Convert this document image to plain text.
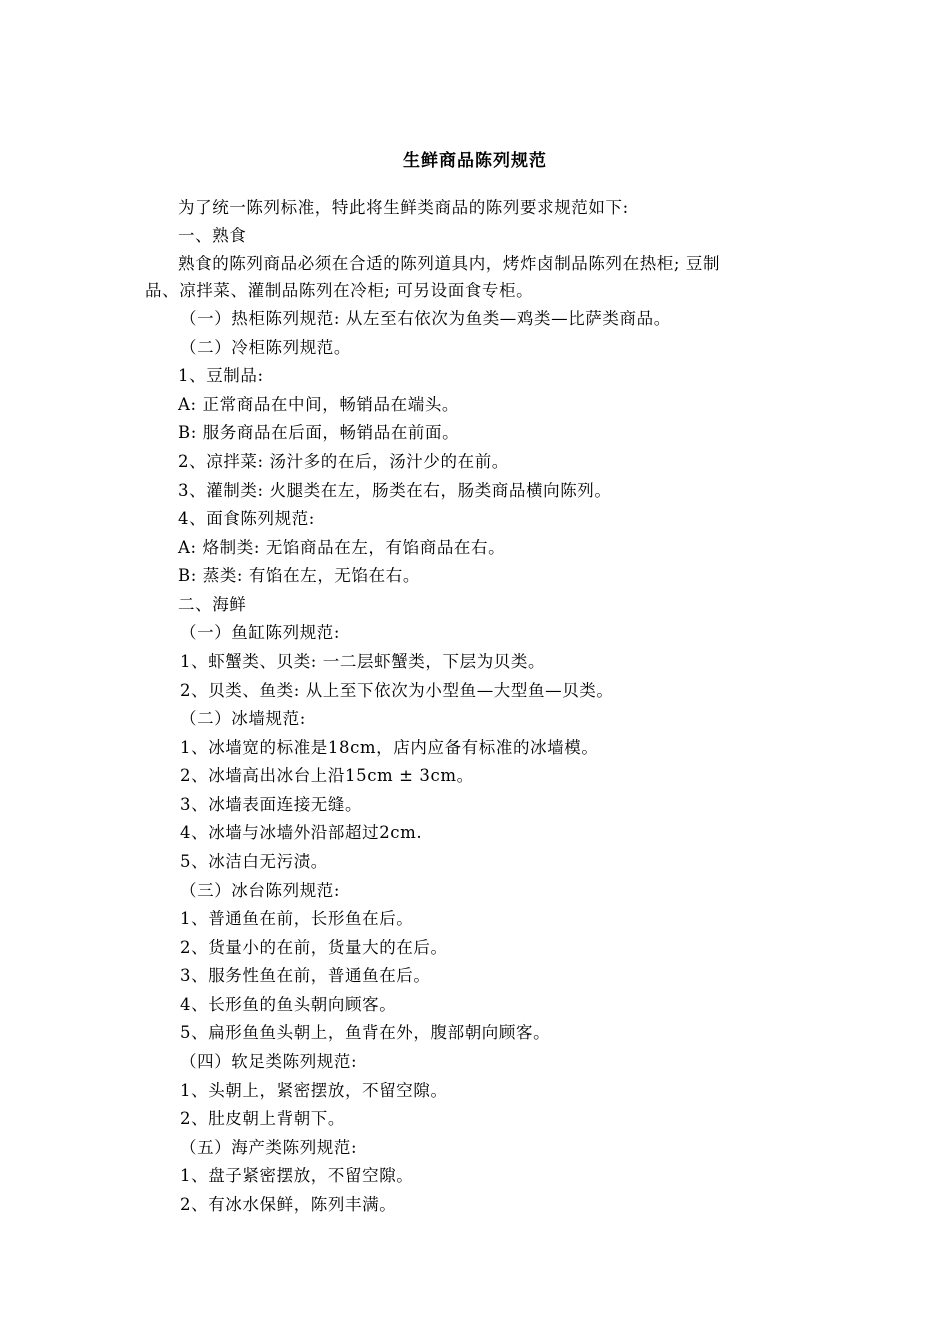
生鲜商品陈列规范
为了统一陈列标准，特此将生鲜类商品的陈列要求规范如下:
一、熟食
熟食的陈列商品必须在合适的陈列道具内，烤炸卤制品陈列在热柜; 豆制
品、凉拌菜、灌制品陈列在冷柜; 可另设面食专柜。
（一）热柜陈列规范: 从左至右依次为鱼类—鸡类—比萨类商品。
（二）冷柜陈列规范。
1、豆制品:
A: 正常商品在中间，畅销品在端头。
B: 服务商品在后面，畅销品在前面。
2、凉拌菜: 汤汁多的在后，汤汁少的在前。
3、灌制类: 火腿类在左，肠类在右，肠类商品横向陈列。
4、面食陈列规范:
A: 烙制类: 无馅商品在左，有馅商品在右。
B: 蒸类: 有馅在左，无馅在右。
二、海鲜
（一）鱼缸陈列规范:
1、虾蟹类、贝类: 一二层虾蟹类，下层为贝类。
2、贝类、鱼类: 从上至下依次为小型鱼—大型鱼—贝类。
（二）冰墙规范:
1、冰墙宽的标准是18cm，店内应备有标准的冰墙模。
2、冰墙高出冰台上沿15cm ± 3cm。
3、冰墙表面连接无缝。
4、冰墙与冰墙外沿部超过2cm.
5、冰洁白无污渍。
（三）冰台陈列规范:
1、普通鱼在前，长形鱼在后。
2、货量小的在前，货量大的在后。
3、服务性鱼在前，普通鱼在后。
4、长形鱼的鱼头朝向顾客。
5、扁形鱼鱼头朝上，鱼背在外，腹部朝向顾客。
（四）软足类陈列规范:
1、头朝上，紧密摆放，不留空隙。
2、肚皮朝上背朝下。
（五）海产类陈列规范:
1、盘子紧密摆放，不留空隙。
2、有冰水保鲜，陈列丰满。
